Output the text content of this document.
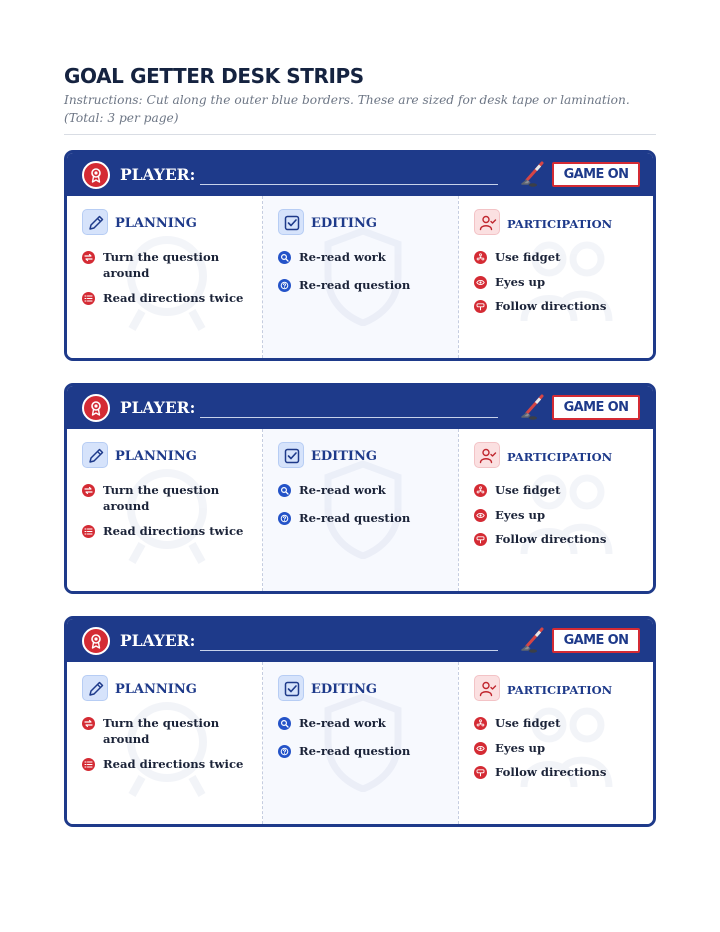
GOAL GETTER DESK STRIPS
Instructions: Cut along the outer blue borders. These are sized for desk tape or lamination. (Total: 3 per page)
PLAYER:	GAME ON
PLANNING
Turn the question around
Read directions twice
EDITING
Re-read work
Re-read question
PARTICIPATION
Use fidget
Eyes up
Follow directions
PLAYER:	GAME ON
PLANNING
Turn the question around
Read directions twice
EDITING
Re-read work
Re-read question
PARTICIPATION
Use fidget
Eyes up
Follow directions
PLAYER:	GAME ON
PLANNING
Turn the question around
Read directions twice
EDITING
Re-read work
Re-read question
PARTICIPATION
Use fidget
Eyes up
Follow directions
